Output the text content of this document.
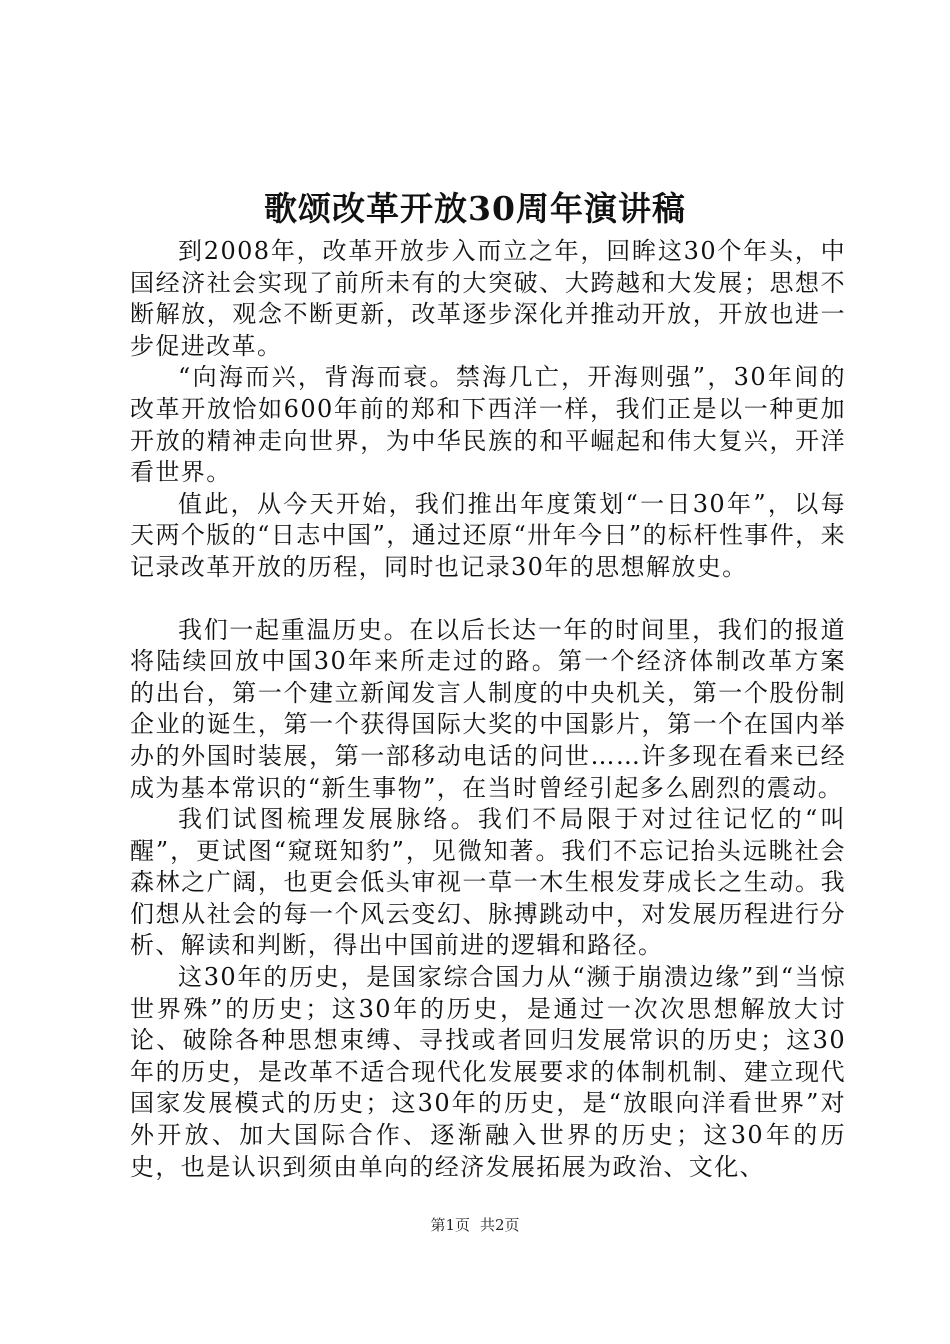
歌颂改革开放30周年演讲稿

到2008年，改革开放步入而立之年，回眸这30个年头，中国经济社会实现了前所未有的大突破、大跨越和大发展；思想不断解放，观念不断更新，改革逐步深化并推动开放，开放也进一步促进改革。

“向海而兴，背海而衰。禁海几亡，开海则强”，30年间的改革开放恰如600年前的郑和下西洋一样，我们正是以一种更加开放的精神走向世界，为中华民族的和平崛起和伟大复兴，开洋看世界。

值此，从今天开始，我们推出年度策划“一日30年”，以每天两个版的“日志中国”，通过还原“卅年今日”的标杆性事件，来记录改革开放的历程，同时也记录30年的思想解放史。

我们一起重温历史。在以后长达一年的时间里，我们的报道将陆续回放中国30年来所走过的路。第一个经济体制改革方案的出台，第一个建立新闻发言人制度的中央机关，第一个股份制企业的诞生，第一个获得国际大奖的中国影片，第一个在国内举办的外国时装展，第一部移动电话的问世……许多现在看来已经成为基本常识的“新生事物”，在当时曾经引起多么剧烈的震动。

我们试图梳理发展脉络。我们不局限于对过往记忆的“叫醒”，更试图“窥斑知豹”，见微知著。我们不忘记抬头远眺社会森林之广阔，也更会低头审视一草一木生根发芽成长之生动。我们想从社会的每一个风云变幻、脉搏跳动中，对发展历程进行分析、解读和判断，得出中国前进的逻辑和路径。

这30年的历史，是国家综合国力从“濒于崩溃边缘”到“当惊世界殊”的历史；这30年的历史，是通过一次次思想解放大讨论、破除各种思想束缚、寻找或者回归发展常识的历史；这30年的历史，是改革不适合现代化发展要求的体制机制、建立现代国家发展模式的历史；这30年的历史，是“放眼向洋看世界”对外开放、加大国际合作、逐渐融入世界的历史；这30年的历史，也是认识到须由单向的经济发展拓展为政治、文化、

第1页 共2页
